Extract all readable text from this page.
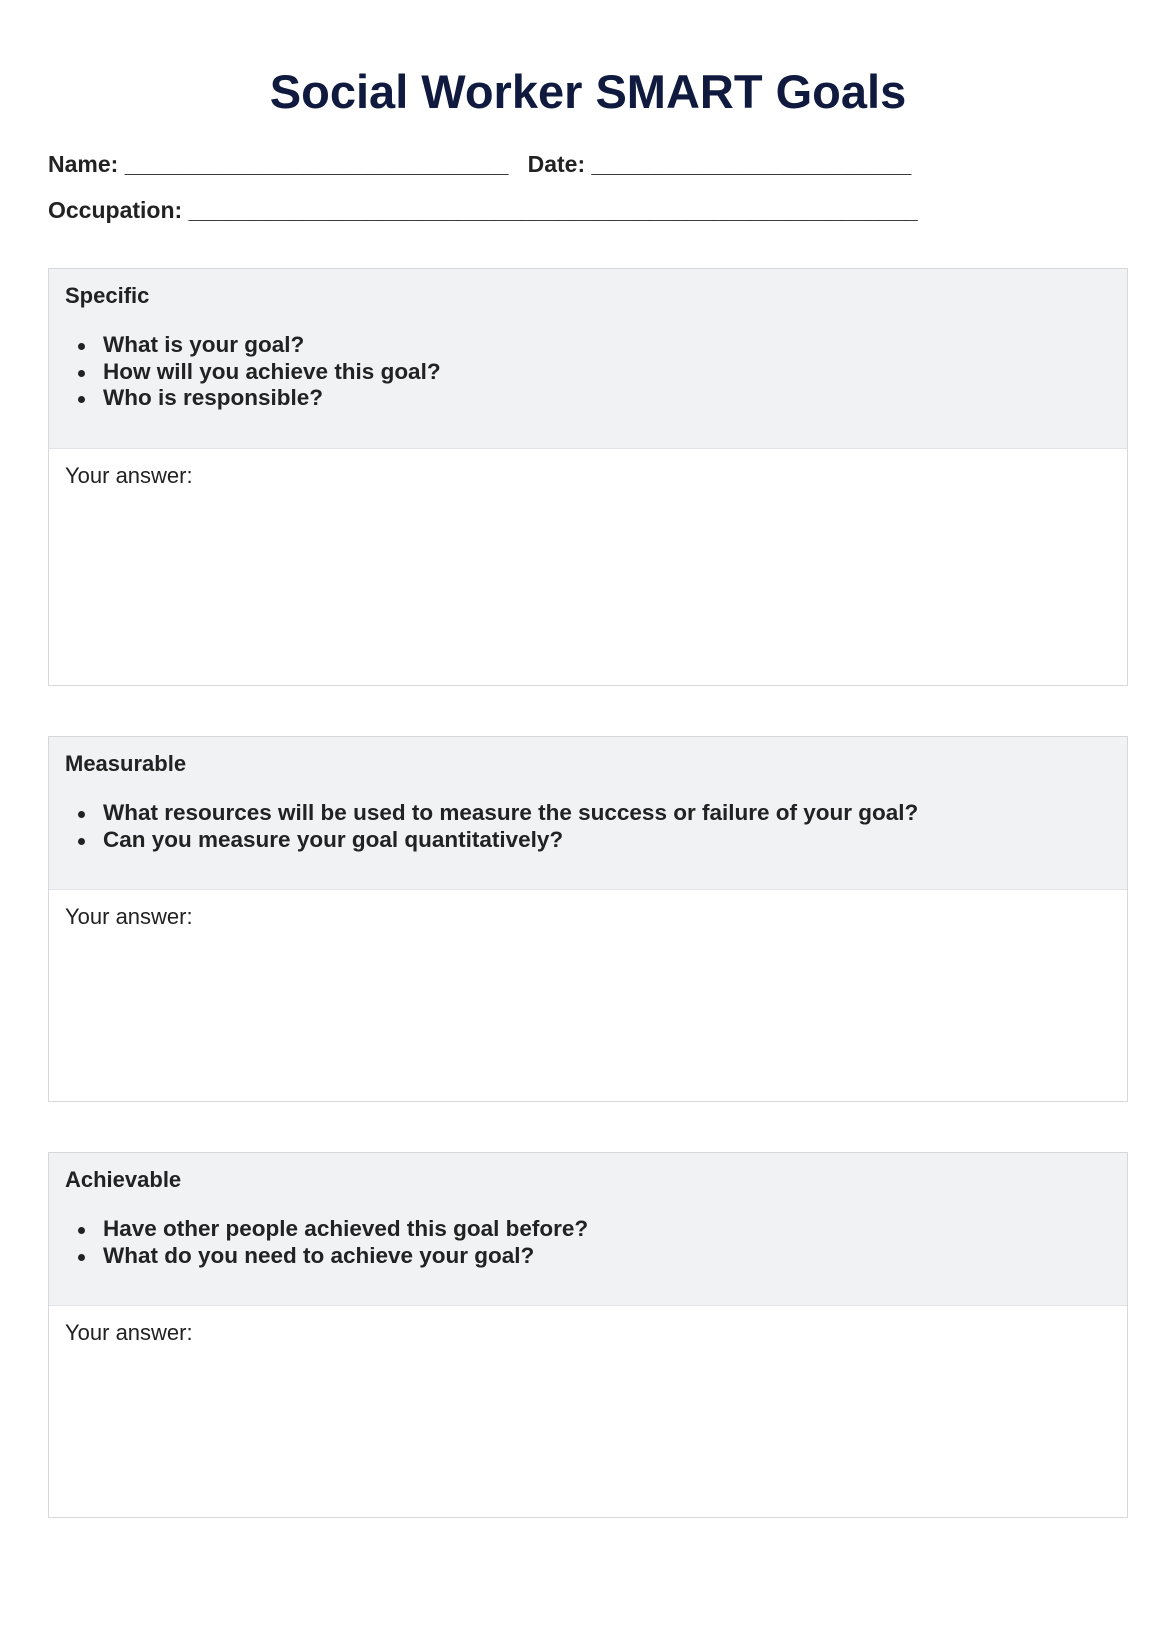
Social Worker SMART Goals
Name: ______________________________ Date: _________________________
Occupation: _________________________________________________________
Specific
What is your goal?
How will you achieve this goal?
Who is responsible?
Your answer:
Measurable
What resources will be used to measure the success or failure of your goal?
Can you measure your goal quantitatively?
Your answer:
Achievable
Have other people achieved this goal before?
What do you need to achieve your goal?
Your answer:
